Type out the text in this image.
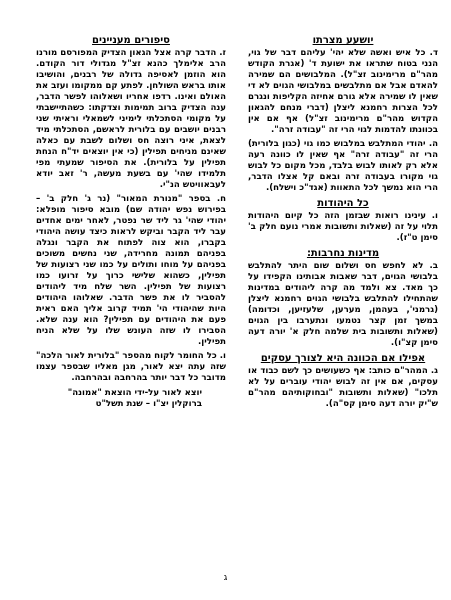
יושעע מצרתו

ד. כל איש ואשה שלא יהי' עליהם דבר של גוי, הנני בטוח שתראו את ישועת ד' (אגרת הקודש מהר"ם מרימינוב זצ"ל). המלבושים הם שמירה להאדם אבל אם מתלבשים במלבושי הגוים לא די שאין לו שמירה אלא גורם אחיזה הקליפות ונגרם לכל הצרות רחמנא ליצלן (דברי מנחם להגאון הקדוש מהר"ם מרימינוב זצ"ל) אף אם אין בכוונתו להדמות לגוי הרי זה "עבודה זרה".

ה. יהודי המתלבש במלבוש כמו גוי (כגון בלורית) הרי זה "עבודה זרה" אף שאין לו כוונה רעה אלא רק לאותו לבוש בלבד, מכל מקום כל לבוש גוי מקורו בעבודה זרה ובאם קל אצלו הדבר, הרי הוא נמשך לכל התאוות (אגד"כ וישלח).

כל היהודות

ו. עינינו רואות שבזמן הזה כל קיום היהודות תלוי על זה (שאלות ותשובות אמרי נועם חלק ב' סימן ט"ז).

מדינות נחרבות:

ב. לא לחפש חס ושלום שום היתר להתלבש בלבושי הגוים, דבר שאבות אבותינו הקפידו על כך מאד. צא ולמד מה קרה ליהודים במדינות שהתחילו להתלבש בלבושי הגוים רחמנא ליצלן (גרמני', בעהמן, מערען, שלעזיען, וכדומה) במשך זמן קצר נטמעו ונתערבו בין הגוים (שאלות ותשובות בית שלמה חלק א' יורה דעה סימן קצ"ו).

אפילו אם הכוונה היא לצורך עסקים

ג. המהר"ם כותב: אף כשעושים כך לשם כבוד או עסקים, אם אין זה לבוש יהודי עוברים על לא תלכו" (שאלות ותשובות "ובחוקותיהם מהר"ם ש"יק יורה דעה סימן קס"ה).

סיפורים מעניינים

ז. הדבר קרה אצל הגאון הצדיק המפורסם מורנו הרב אלימלך כהנא זצ"ל מגדולי דור הקודם. הוא הוזמן לאסיפה גדולה של רבנים, והושיבו אותו בראש השולחן. לפתע קם ממקומו ועזב את האולם ואינו. רדפו אחריו ושאלוהו לפשר הדבר, ענה הצדיק ברוב תמימות וצדקתו: כשהתיישבתי על מקומי הסתכלתי לימיני לשמאלי וראיתי שני רבנים יושבים עם בלורית לראשם, הסתכלתי מיד לצאת, איני רוצה חס ושלום לשבת עם כאלה שאינם מניחים תפילין (כי אין יוצאים יד"ח הנחת תפילין על בלורית). את הסיפור שמעתי מפי תלמידו שהי' עם בשעת מעשה, ר' זאב יודא לעבאוויטש הנ"י.

ח. בספר "מנורת המאור" (נר ג' חלק ב' – בפירוש נפש יהודה שם) מובא סיפור מופלא: יהודי שהי' גר ליד שר נפטר, לאחר ימים אחדים עבר ליד הקבר וביקש לראות כיצד עושה היהודי בקברו, הוא צוה לפתוח את הקבר ונגלה בפניהם תמונה מחרידה, שני נחשים משוכים בפניהם על מוחו ותולים על כמו שני רצועות של תפילין, כשהוא שלישי כרוך על זרועו כמו רצועות של תפילין. השר שלח מיד ליהודים להסביר לו את פשר הדבר. שאלוהו היהודים היות שהיהודי הי' תמיד קרוב אליך האם ראית פעם את היהודים עם תפילין? הוא ענה שלא. הסבירו לו שזה העונש שלו על שלא הניח תפילין.

ו. כל החומר לקוח מהספר "בלורית לאור הלכה" שזה עתה יצא לאור, מגן מאליו שבספר עצמו מדובר כל דבר יותר בהרחבה ובהרחבה.

יוצא לאור על-ידי הוצאת "אמונה"
ברוקלין יצ"ו – שנת תשל"ט
ג
